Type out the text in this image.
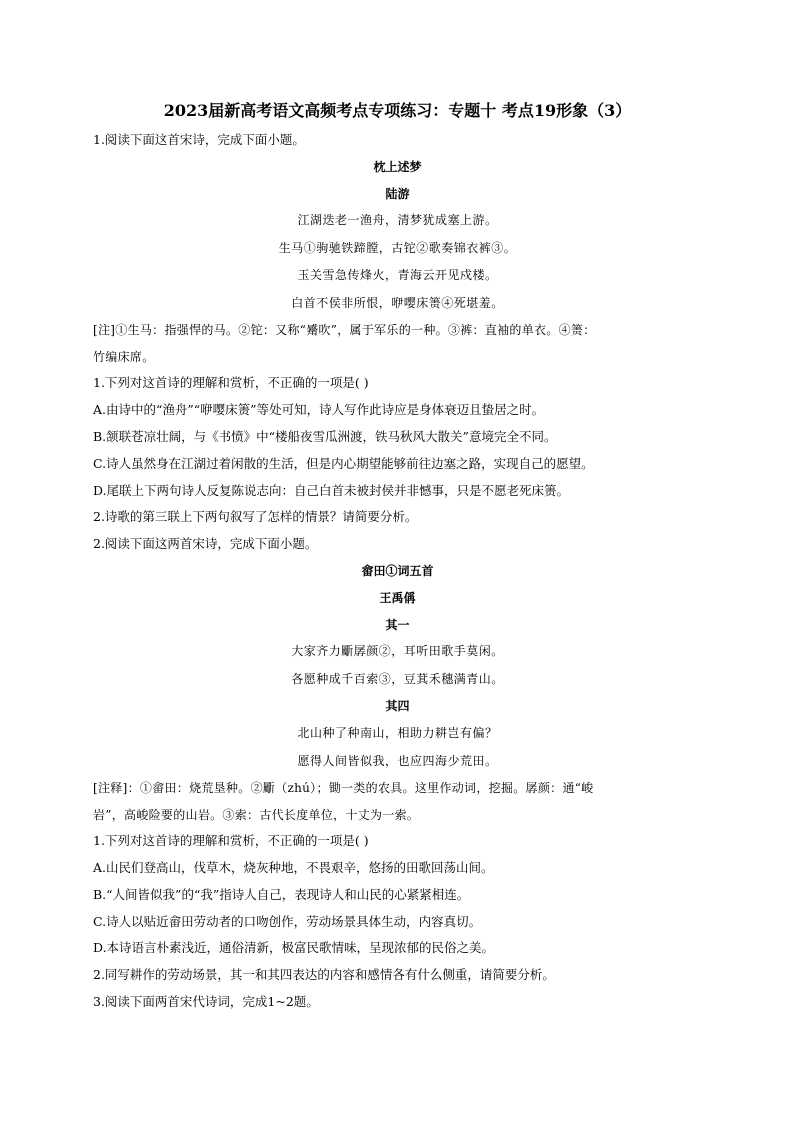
2023届新高考语文高频考点专项练习：专题十 考点19形象（3）

1.阅读下面这首宋诗，完成下面小题。

枕上述梦

陆游

江湖迭老一渔舟，清梦犹成塞上游。

生马①驹驰铁蹄膛，古铊②歌奏锦衣裤③。

玉关雪急传烽火，青海云开见戍楼。

白首不侯非所恨，咿嘤床箦④死堪羞。

[注]①生马：指强悍的马。②铊：又称“觱吹”，属于军乐的一种。③裤：直袖的单衣。④箦：

竹编床席。

1.下列对这首诗的理解和赏析，不正确的一项是( )

A.由诗中的“渔舟”“咿嘤床箦”等处可知，诗人写作此诗应是身体衰迈且蛰居之时。

B.颔联苍凉壮阔，与《书愤》中“楼船夜雪瓜洲渡，铁马秋风大散关”意境完全不同。

C.诗人虽然身在江湖过着闲散的生活，但是内心期望能够前往边塞之路，实现自己的愿望。

D.尾联上下两句诗人反复陈说志向：自己白首未被封侯并非憾事，只是不愿老死床箦。

2.诗歌的第三联上下两句叙写了怎样的情景？请简要分析。

2.阅读下面这两首宋诗，完成下面小题。

畲田①词五首

王禹偁

其一

大家齐力斸孱颜②，耳听田歌手莫闲。

各愿种成千百索③，豆萁禾穗满青山。

其四

北山种了种南山，相助力耕岂有偏？

愿得人间皆似我，也应四海少荒田。

[注释]：①畲田：烧荒垦种。②斸（zhú）；锄一类的农具。这里作动词，挖掘。孱颜：通“峻

岩”，高峻险要的山岩。③索：古代长度单位，十丈为一索。

1.下列对这首诗的理解和赏析，不正确的一项是( )

A.山民们登高山，伐草木，烧灰种地，不畏艰辛，悠扬的田歌回荡山间。

B.“人间皆似我”的“我”指诗人自己，表现诗人和山民的心紧紧相连。

C.诗人以贴近畲田劳动者的口吻创作，劳动场景具体生动，内容真切。

D.本诗语言朴素浅近，通俗清新，极富民歌情味，呈现浓郁的民俗之美。

2.同写耕作的劳动场景，其一和其四表达的内容和感情各有什么侧重，请简要分析。

3.阅读下面两首宋代诗词，完成1~2题。
